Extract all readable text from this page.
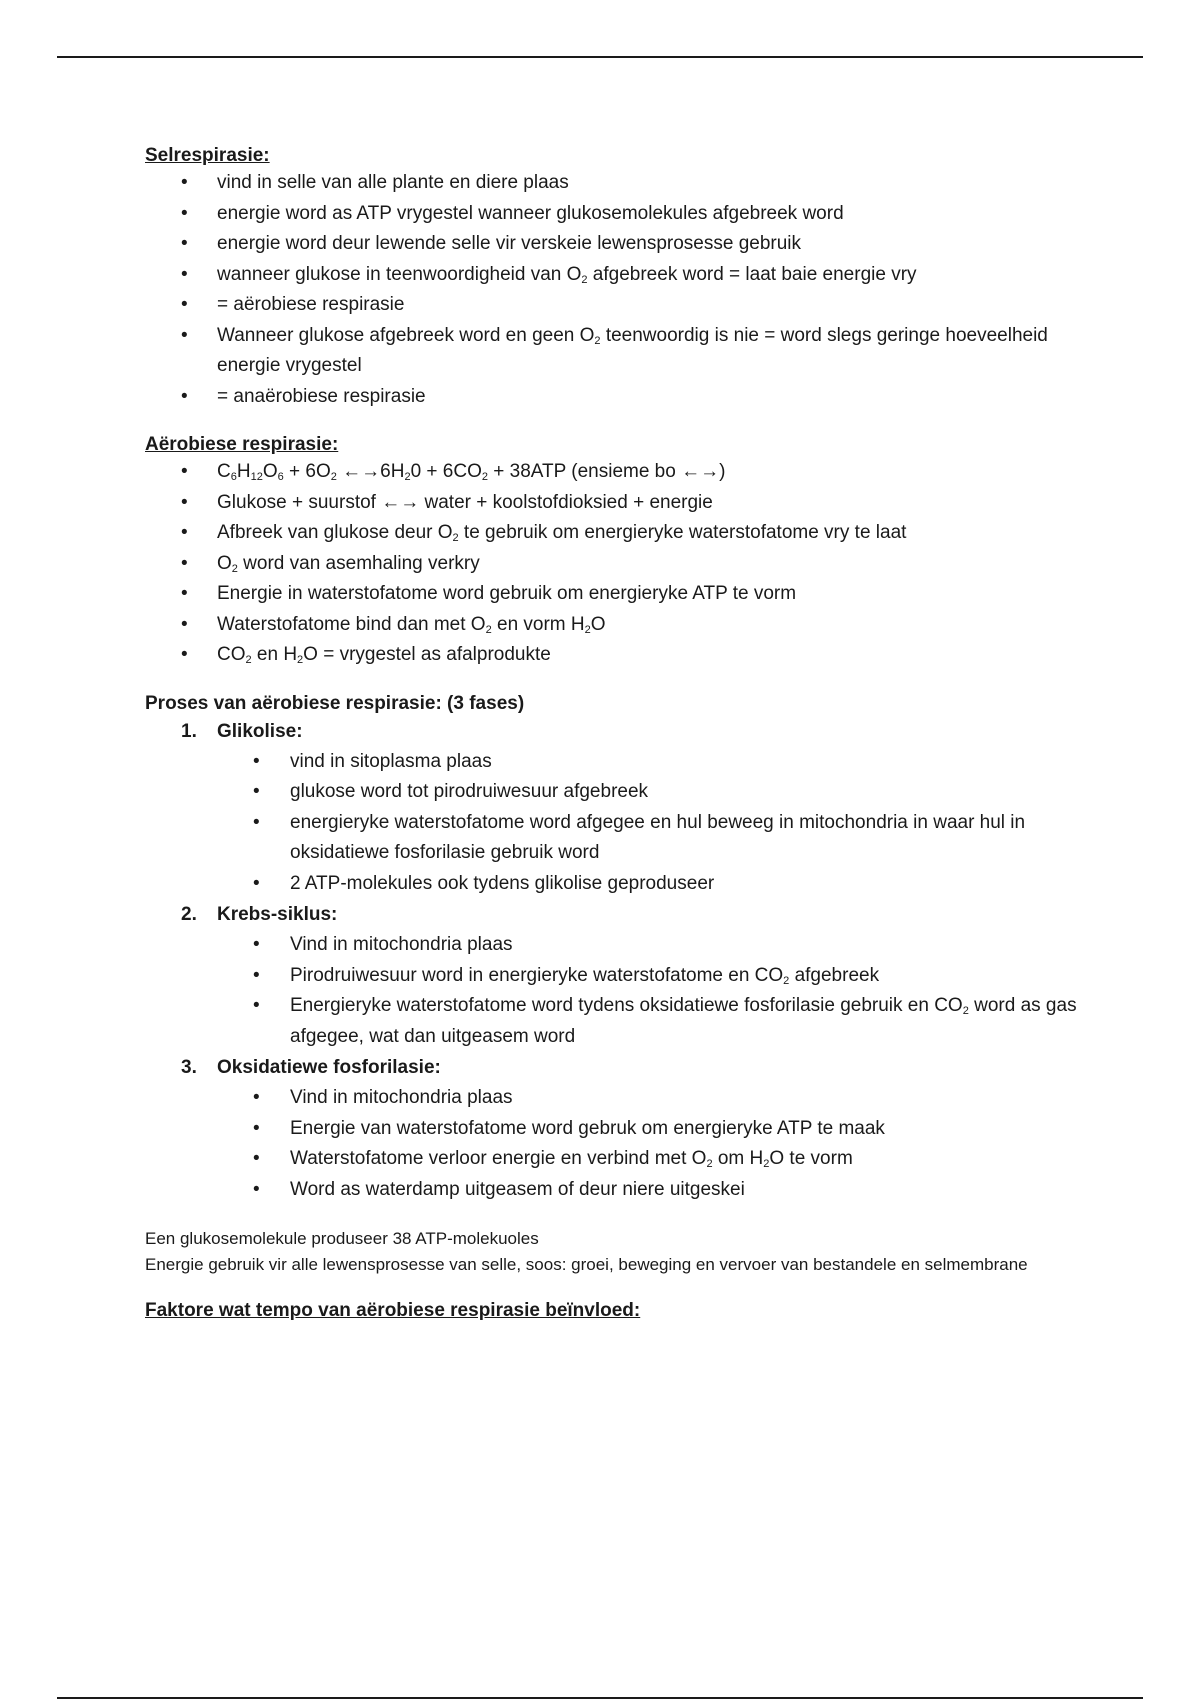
Selrespirasie:
• vind in selle van alle plante en diere plaas
• energie word as ATP vrygestel wanneer glukosemolekules afgebreek word
• energie word deur lewende selle vir verskeie lewensprosesse gebruik
• wanneer glukose in teenwoordigheid van $O_2$ afgebreek word = laat baie energie vry
• = aërobiese respirasie
• Wanneer glukose afgebreek word en geen $O_2$ teenwoordig is nie = word slegs geringe hoeveelheid energie vrygestel
• = anaërobiese respirasie
Aërobiese respirasie:
• $C_6H_{12}O_6 + 6O_2$ $\leftarrow\to 6H_20 + 6CO_2 + 38ATP$ (ensieme bo ←→)
• Glukose + suurstof ←→ water + koolstofdioksied + energie
• Afbreek van glukose deur $O_2$ te gebruik om energieryke waterstofatome vry te laat
• $O_2$ word van asemhaling verkry
• Energie in waterstofatome word gebruik om energieryke ATP te vorm
• Waterstofatome bind dan met $O_2$ en vorm $H_2O$
• $CO_2$ en $H_2O$ = vrygestel as afalprodukte
Proses van aërobiese respirasie: (3 fases)
1. Glikolise:
• vind in sitoplasma plaas
• glukose word tot pirodruiwesuur afgebreek
• energieryke waterstofatome word afgegee en hul beweeg in mitochondria in waar hul in oksidatiewe fosforilasie gebruik word
• 2 ATP-molekules ook tydens glikolise geproduseer
2. Krebs-siklus:
• Vind in mitochondria plaas
• Pirodruiwesuur word in energieryke waterstofatome en $CO_2$ afgebreek
• Energieryke waterstofatome word tydens oksidatiewe fosforilasie gebruik en $CO_2$ word as gas afgegee, wat dan uitgeasem word
3. Oksidatiewe fosforilasie:
• Vind in mitochondria plaas
• Energie van waterstofatome word gebruk om energieryke ATP te maak
• Waterstofatome verloor energie en verbind met $O_2$ om $H_2O$ te vorm
• Word as waterdamp uitgeasem of deur niere uitgeskei

Een glukosemolekule produseer 38 ATP-molekuoles

Energie gebruik vir alle lewensprosesse van selle, soos: groei, beweging en vervoer van bestandele en selmembrane

Faktore wat tempo van aërobiese respirasie beïnvloed:
